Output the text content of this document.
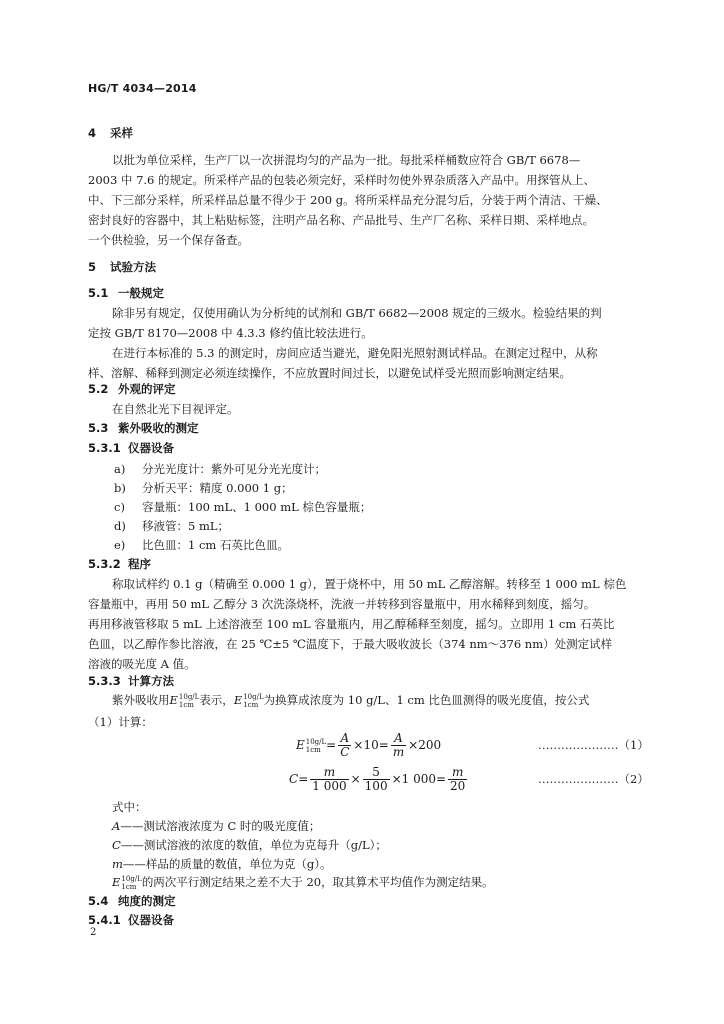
HG/T 4034—2014
4 采样
以批为单位采样，生产厂以一次拼混均匀的产品为一批。每批采样桶数应符合 GB/T 6678—
2003 中 7.6 的规定。所采样产品的包装必须完好，采样时勿使外界杂质落入产品中。用探管从上、
中、下三部分采样，所采样品总量不得少于 200 g。将所采样品充分混匀后，分装于两个清洁、干燥、
密封良好的容器中，其上粘贴标签，注明产品名称、产品批号、生产厂名称、采样日期、采样地点。
一个供检验，另一个保存备查。
5 试验方法
5.1 一般规定
除非另有规定，仅使用确认为分析纯的试剂和 GB/T 6682—2008 规定的三级水。检验结果的判
定按 GB/T 8170—2008 中 4.3.3 修约值比较法进行。
在进行本标准的 5.3 的测定时，房间应适当避光，避免阳光照射测试样品。在测定过程中，从称
样、溶解、稀释到测定必须连续操作，不应放置时间过长，以避免试样受光照而影响测定结果。
5.2 外观的评定
在自然北光下目视评定。
5.3 紫外吸收的测定
5.3.1 仪器设备
a) 分光光度计：紫外可见分光光度计；
b) 分析天平：精度 0.000 1 g；
c) 容量瓶：100 mL、1 000 mL 棕色容量瓶；
d) 移液管：5 mL；
e) 比色皿：1 cm 石英比色皿。
5.3.2 程序
称取试样约 0.1 g（精确至 0.000 1 g），置于烧杯中，用 50 mL 乙醇溶解。转移至 1 000 mL 棕色
容量瓶中，再用 50 mL 乙醇分 3 次洗涤烧杯，洗液一并转移到容量瓶中，用水稀释到刻度，摇匀。
再用移液管移取 5 mL 上述溶液至 100 mL 容量瓶内，用乙醇稀释至刻度，摇匀。立即用 1 cm 石英比
色皿，以乙醇作参比溶液，在 25 ℃±5 ℃温度下，于最大吸收波长（374 nm～376 nm）处测定试样
溶液的吸光度 A 值。
5.3.3 计算方法
紫外吸收用E 10g/L
1cm 表示，E 10g/L
1cm 为换算成浓度为 10 g/L、1 cm 比色皿测得的吸光度值，按公式
（1）计算：
E 10g/L
$1cm = \frac{A}{C} \times 10= \frac{A}{m} \times 200$	…………………（1）
$C= \frac{m}{1 000} \times \frac{5}{100} \times 1$ $000= \frac{m}{20}$	…………………（2）
式中：
A——测试溶液浓度为 C 时的吸光度值；
C——测试溶液的浓度的数值，单位为克每升（g/L）；
m——样品的质量的数值，单位为克（g）。
E 10g/L
1cm 的两次平行测定结果之差不大于 20，取其算术平均值作为测定结果。
5.4 纯度的测定
5.4.1 仪器设备
2
